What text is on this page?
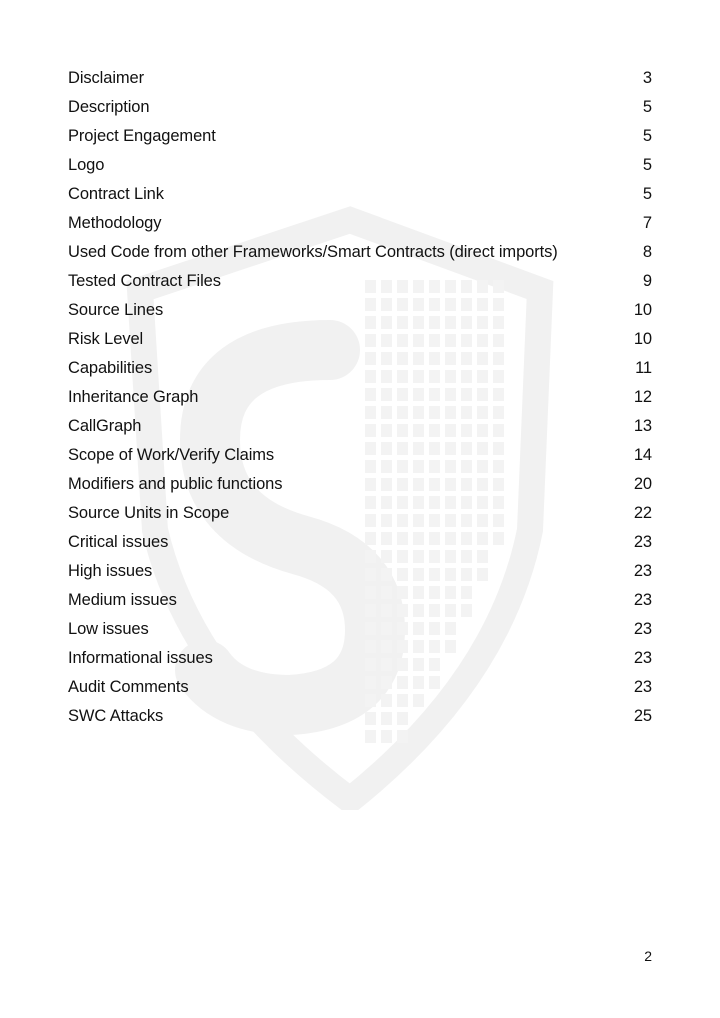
Disclaimer	3
Description	5
Project Engagement	5
Logo	5
Contract Link	5
Methodology	7
Used Code from other Frameworks/Smart Contracts (direct imports)	8
Tested Contract Files	9
Source Lines	10
Risk Level	10
Capabilities	11
Inheritance Graph	12
CallGraph	13
Scope of Work/Verify Claims	14
Modifiers and public functions	20
Source Units in Scope	22
Critical issues	23
High issues	23
Medium issues	23
Low issues	23
Informational issues	23
Audit Comments	23
SWC Attacks	25
2
